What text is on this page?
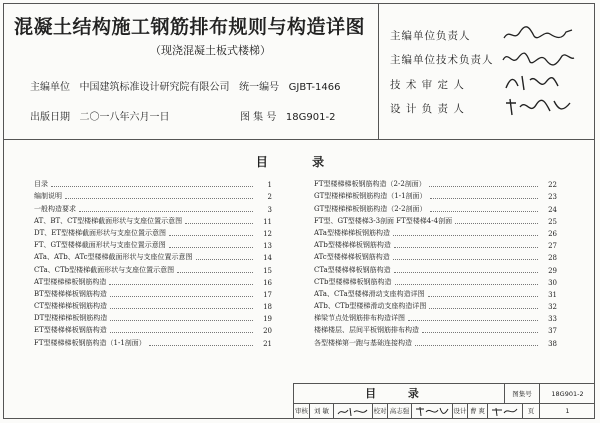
混凝土结构施工钢筋排布规则与构造详图
（现浇混凝土板式楼梯）
主编单位 中国建筑标准设计研究院有限公司 统一编号 GJBT-1466
出版日期 二〇一八年六月一日	图 集 号 18G901-2
主编单位负责人
主编单位技术负责人
技 术 审 定 人
设 计 负 责 人
目 录
目录	1
编制说明	2
一般构造要求	3
AT、BT、CT型楼梯截面形状与支座位置示意图	11
DT、ET型楼梯截面形状与支座位置示意图	12
FT、GT型楼梯截面形状与支座位置示意图	13
ATa、ATb、ATc型楼梯截面形状与支座位置示意图	14
CTa、CTb型楼梯截面形状与支座位置示意图	15
AT型楼梯梯板钢筋构造	16
BT型楼梯梯板钢筋构造	17
CT型楼梯梯板钢筋构造	18
DT型楼梯梯板钢筋构造	19
ET型楼梯梯板钢筋构造	20
FT型楼梯梯板钢筋构造（1-1剖面）	21
FT型楼梯梯板钢筋构造（2-2剖面）	22
GT型楼梯梯板钢筋构造（1-1剖面）	23
GT型楼梯梯板钢筋构造（2-2剖面）	24
FT型、GT型楼梯3-3剖面 FT型楼梯4-4剖面	25
ATa型楼梯梯板钢筋构造	26
ATb型楼梯梯板钢筋构造	27
ATc型楼梯梯板钢筋构造	28
CTa型楼梯梯板钢筋构造	29
CTb型楼梯梯板钢筋构造	30
ATa、CTa型楼梯滑动支座构造详图	31
ATb、CTb型楼梯滑动支座构造详图	32
梯梁节点处钢筋排布构造详图	33
楼梯楼层、层间平板钢筋排布构造	37
各型楼梯第一跑与基础连接构造	38
目 录	图集号	18G901-2
审核 刘 敏	校对 高志强	设计 曹 爽	页	1
